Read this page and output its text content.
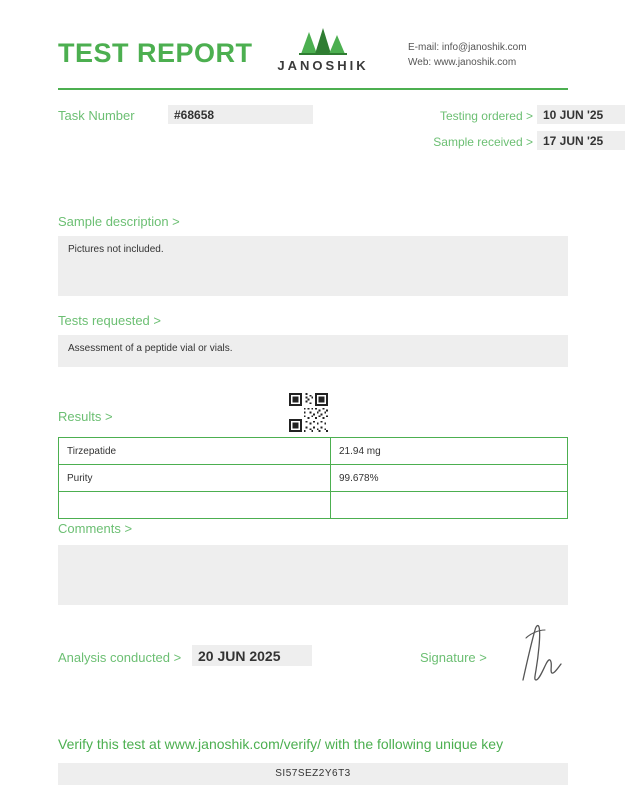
TEST REPORT	JANOSHIK
E-mail: info@janoshik.com
Web: www.janoshik.com
Task Number	#68658	Testing ordered > 10 JUN '25
Sample received > 17 JUN '25
Sample description >
Pictures not included.
Tests requested >
Assessment of a peptide vial or vials.
Results >
Tirzepatide	21.94 mg
Purity	99.678%

Comments >
Analysis conducted >	20 JUN 2025	Signature >
Verify this test at www.janoshik.com/verify/ with the following unique key
SI57SEZ2Y6T3
